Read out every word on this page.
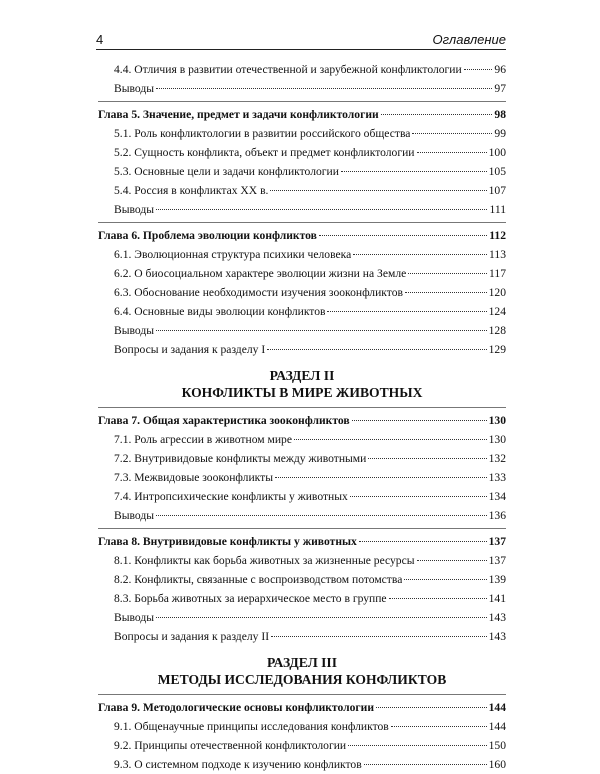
4	Оглавление
4.4. Отличия в развитии отечественной и зарубежной конфликтологии	96
Выводы	97
Глава 5. Значение, предмет и задачи конфликтологии	98
5.1. Роль конфликтологии в развитии российского общества	99
5.2. Сущность конфликта, объект и предмет конфликтологии	100
5.3. Основные цели и задачи конфликтологии	105
5.4. Россия в конфликтах XX в.	107
Выводы	111
Глава 6. Проблема эволюции конфликтов	112
6.1. Эволюционная структура психики человека	113
6.2. О биосоциальном характере эволюции жизни на Земле	117
6.3. Обоснование необходимости изучения зооконфликтов	120
6.4. Основные виды эволюции конфликтов	124
Выводы	128
Вопросы и задания к разделу I	129
РАЗДЕЛ II
КОНФЛИКТЫ В МИРЕ ЖИВОТНЫХ
Глава 7. Общая характеристика зооконфликтов	130
7.1. Роль агрессии в животном мире	130
7.2. Внутривидовые конфликты между животными	132
7.3. Межвидовые зооконфликты	133
7.4. Интропсихические конфликты у животных	134
Выводы	136
Глава 8. Внутривидовые конфликты у животных	137
8.1. Конфликты как борьба животных за жизненные ресурсы	137
8.2. Конфликты, связанные с воспроизводством потомства	139
8.3. Борьба животных за иерархическое место в группе	141
Выводы	143
Вопросы и задания к разделу II	143
РАЗДЕЛ III
МЕТОДЫ ИССЛЕДОВАНИЯ КОНФЛИКТОВ
Глава 9. Методологические основы конфликтологии	144
9.1. Общенаучные принципы исследования конфликтов	144
9.2. Принципы отечественной конфликтологии	150
9.3. О системном подходе к изучению конфликтов	160
